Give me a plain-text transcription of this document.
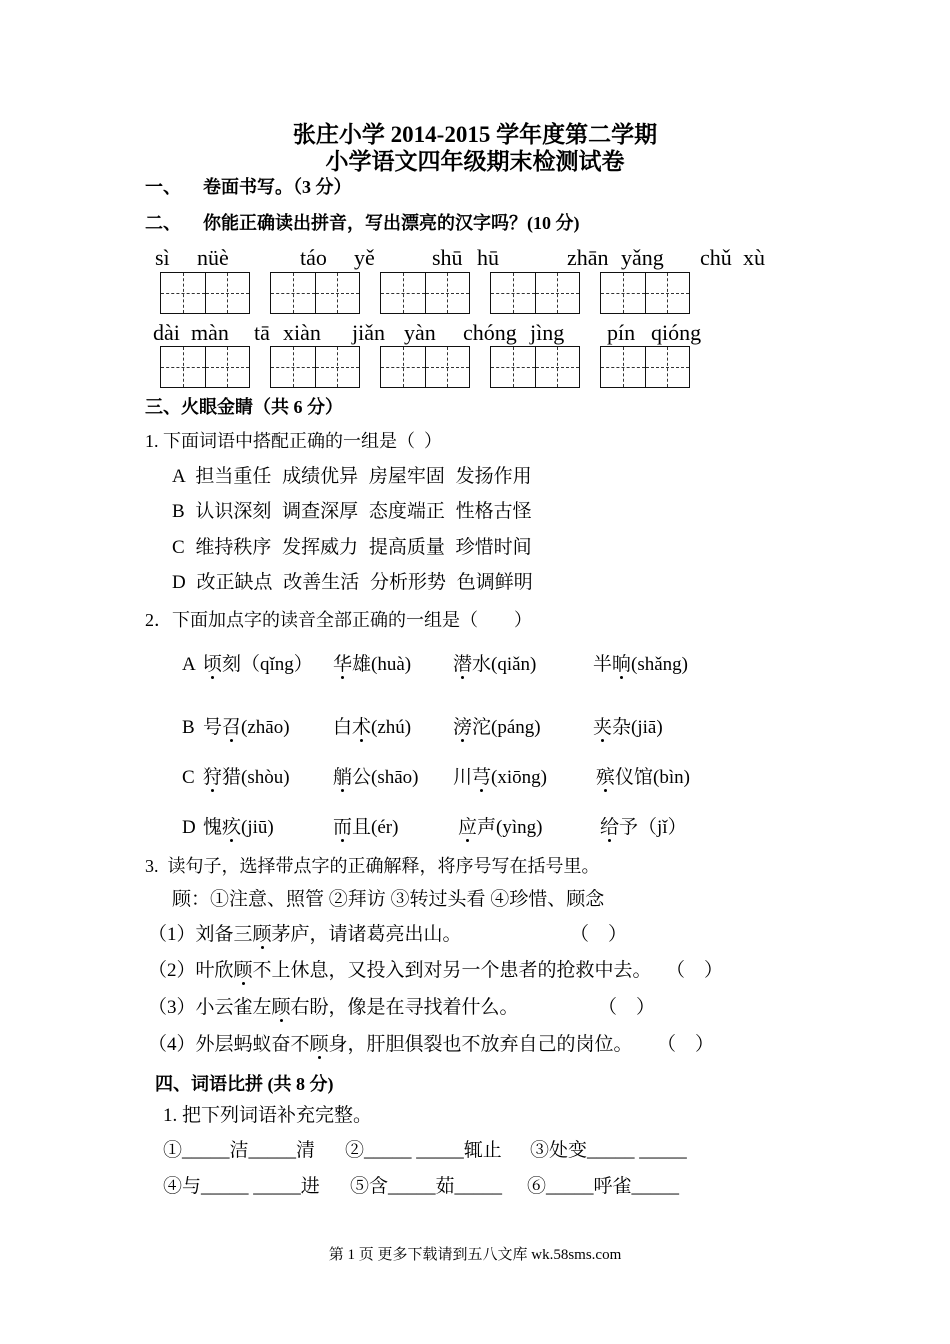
张庄小学 2014-2015 学年度第二学期
小学语文四年级期末检测试卷
一、 卷面书写。（3 分）
二、 你能正确读出拼音，写出漂亮的汉字吗？(10 分)
sì nüè	táo yě	shū hū	zhān yǎng chǔ xù
dài màn tā xiàn jiǎn yàn chóng jìng pín qióng
三、火眼金睛（共 6 分）
1. 下面词语中搭配正确的一组是（  ）
A 担当重任 成绩优异 房屋牢固 发扬作用
B 认识深刻 调查深厚 态度端正 性格古怪
C 维持秩序 发挥威力 提高质量 珍惜时间
D 改正缺点 改善生活 分析形势 色调鲜明
2．下面加点字的读音全部正确的一组是（　　）
A 顷刻（qǐng） 华雄(huà) 潜水(qiǎn)	半晌(shǎng)
B 号召(zhāo) 白术(zhú) 滂沱(páng)	夹杂(jiā)
C 狩猎(shòu) 艄公(shāo) 川芎(xiōng)	殡仪馆(bìn)
D 愧疚(jiū)	而且(ér)	应声(yìng)	给予（jǐ）
3.  读句子，选择带点字的正确解释，将序号写在括号里。
顾：①注意、照管 ②拜访 ③转过头看 ④珍惜、顾念
（1）刘备三顾茅庐，请诸葛亮出山。	（　）
（2）叶欣顾不上休息，又投入到对另一个患者的抢救中去。 （　）
（3）小云雀左顾右盼，像是在寻找着什么。	（　）
（4）外层蚂蚁奋不顾身，肝胆俱裂也不放弃自己的岗位。 （　）
四、词语比拼 (共 8 分)
1. 把下列词语补充完整。
①_____洁_____清 ②_____ _____辄止 ③处变_____ _____
④与_____ _____进 ⑤含_____茹_____ ⑥_____呼雀_____
第 1 页 更多下载请到五八文库 wk.58sms.com
